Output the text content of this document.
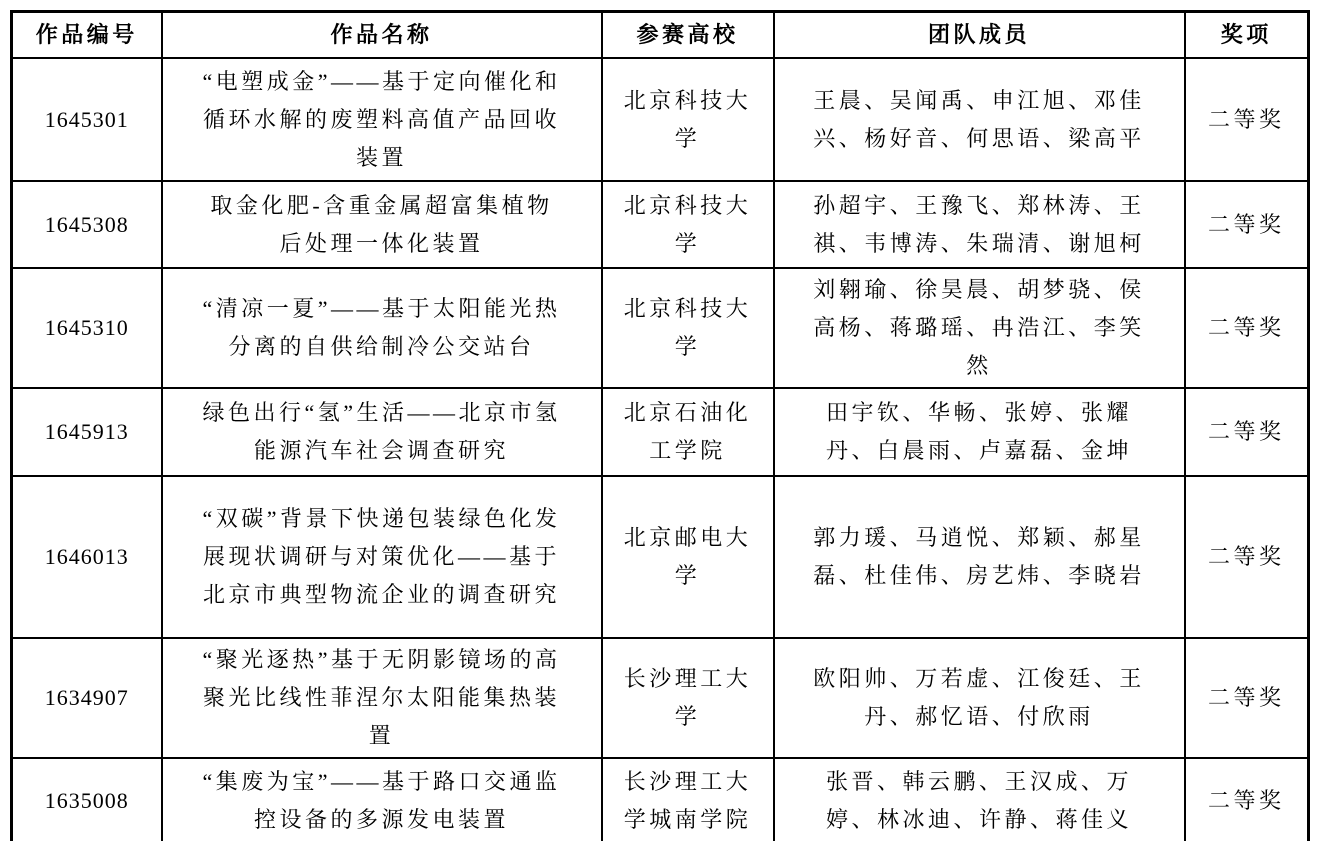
作品编号	作品名称	参赛高校	团队成员	奖项
1645301	“电塑成金”——基于定向催化和循环水解的废塑料高值产品回收装置	北京科技大学	王晨、吴闻禹、申江旭、邓佳兴、杨好音、何思语、梁高平	二等奖
1645308	取金化肥-含重金属超富集植物后处理一体化装置	北京科技大学	孙超宇、王豫飞、郑林涛、王祺、韦博涛、朱瑞清、谢旭柯	二等奖
1645310	“清凉一夏”——基于太阳能光热分离的自供给制冷公交站台	北京科技大学	刘翱瑜、徐昊晨、胡梦骁、侯高杨、蒋璐瑶、冉浩江、李笑然	二等奖
1645913	绿色出行“氢”生活——北京市氢能源汽车社会调查研究	北京石油化工学院	田宇钦、华畅、张婷、张耀丹、白晨雨、卢嘉磊、金坤	二等奖
1646013	“双碳”背景下快递包装绿色化发展现状调研与对策优化——基于北京市典型物流企业的调查研究	北京邮电大学	郭力瑗、马逍悦、郑颖、郝星磊、杜佳伟、房艺炜、李晓岩	二等奖
1634907	“聚光逐热”基于无阴影镜场的高聚光比线性菲涅尔太阳能集热装置	长沙理工大学	欧阳帅、万若虚、江俊廷、王丹、郝忆语、付欣雨	二等奖
1635008	“集废为宝”——基于路口交通监控设备的多源发电装置	长沙理工大学城南学院	张晋、韩云鹏、王汉成、万婷、林冰迪、许静、蒋佳义	二等奖
